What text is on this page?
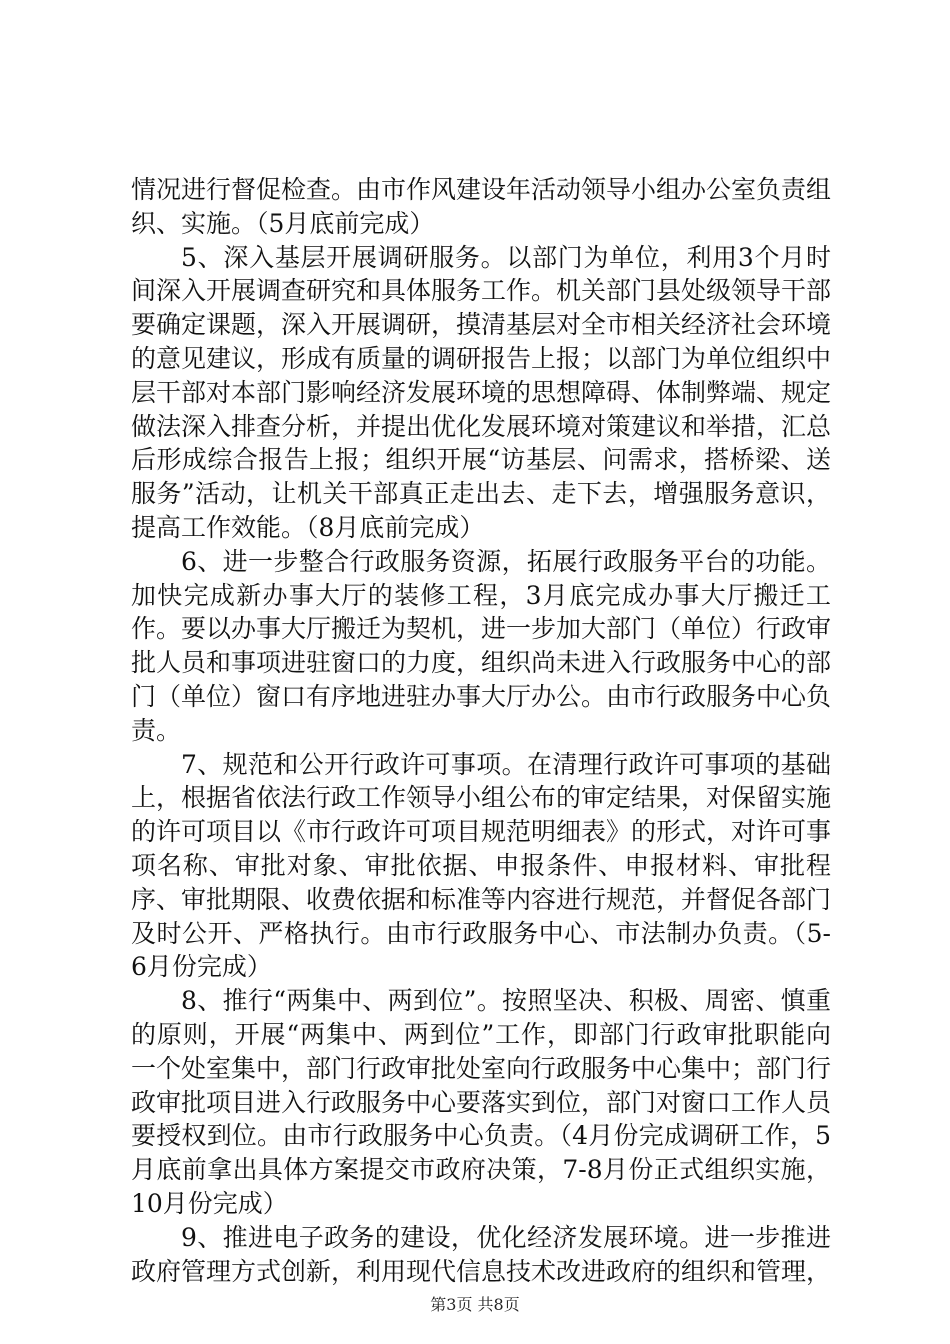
情况进行督促检查。由市作风建设年活动领导小组办公室负责组织、实施。（5月底前完成）

5、深入基层开展调研服务。以部门为单位，利用3个月时间深入开展调查研究和具体服务工作。机关部门县处级领导干部要确定课题，深入开展调研，摸清基层对全市相关经济社会环境的意见建议，形成有质量的调研报告上报；以部门为单位组织中层干部对本部门影响经济发展环境的思想障碍、体制弊端、规定做法深入排查分析，并提出优化发展环境对策建议和举措，汇总后形成综合报告上报；组织开展“访基层、问需求，搭桥梁、送服务”活动，让机关干部真正走出去、走下去，增强服务意识，提高工作效能。（8月底前完成）

6、进一步整合行政服务资源，拓展行政服务平台的功能。加快完成新办事大厅的装修工程，3月底完成办事大厅搬迁工作。要以办事大厅搬迁为契机，进一步加大部门（单位）行政审批人员和事项进驻窗口的力度，组织尚未进入行政服务中心的部门（单位）窗口有序地进驻办事大厅办公。由市行政服务中心负责。

7、规范和公开行政许可事项。在清理行政许可事项的基础上，根据省依法行政工作领导小组公布的审定结果，对保留实施的许可项目以《市行政许可项目规范明细表》的形式，对许可事项名称、审批对象、审批依据、申报条件、申报材料、审批程序、审批期限、收费依据和标准等内容进行规范，并督促各部门及时公开、严格执行。由市行政服务中心、市法制办负责。（5-6月份完成）

8、推行“两集中、两到位”。按照坚决、积极、周密、慎重的原则，开展“两集中、两到位”工作，即部门行政审批职能向一个处室集中，部门行政审批处室向行政服务中心集中；部门行政审批项目进入行政服务中心要落实到位，部门对窗口工作人员要授权到位。由市行政服务中心负责。（4月份完成调研工作，5月底前拿出具体方案提交市政府决策，7-8月份正式组织实施，10月份完成）

9、推进电子政务的建设，优化经济发展环境。进一步推进政府管理方式创新，利用现代信息技术改进政府的组织和管理，

第3页 共8页
